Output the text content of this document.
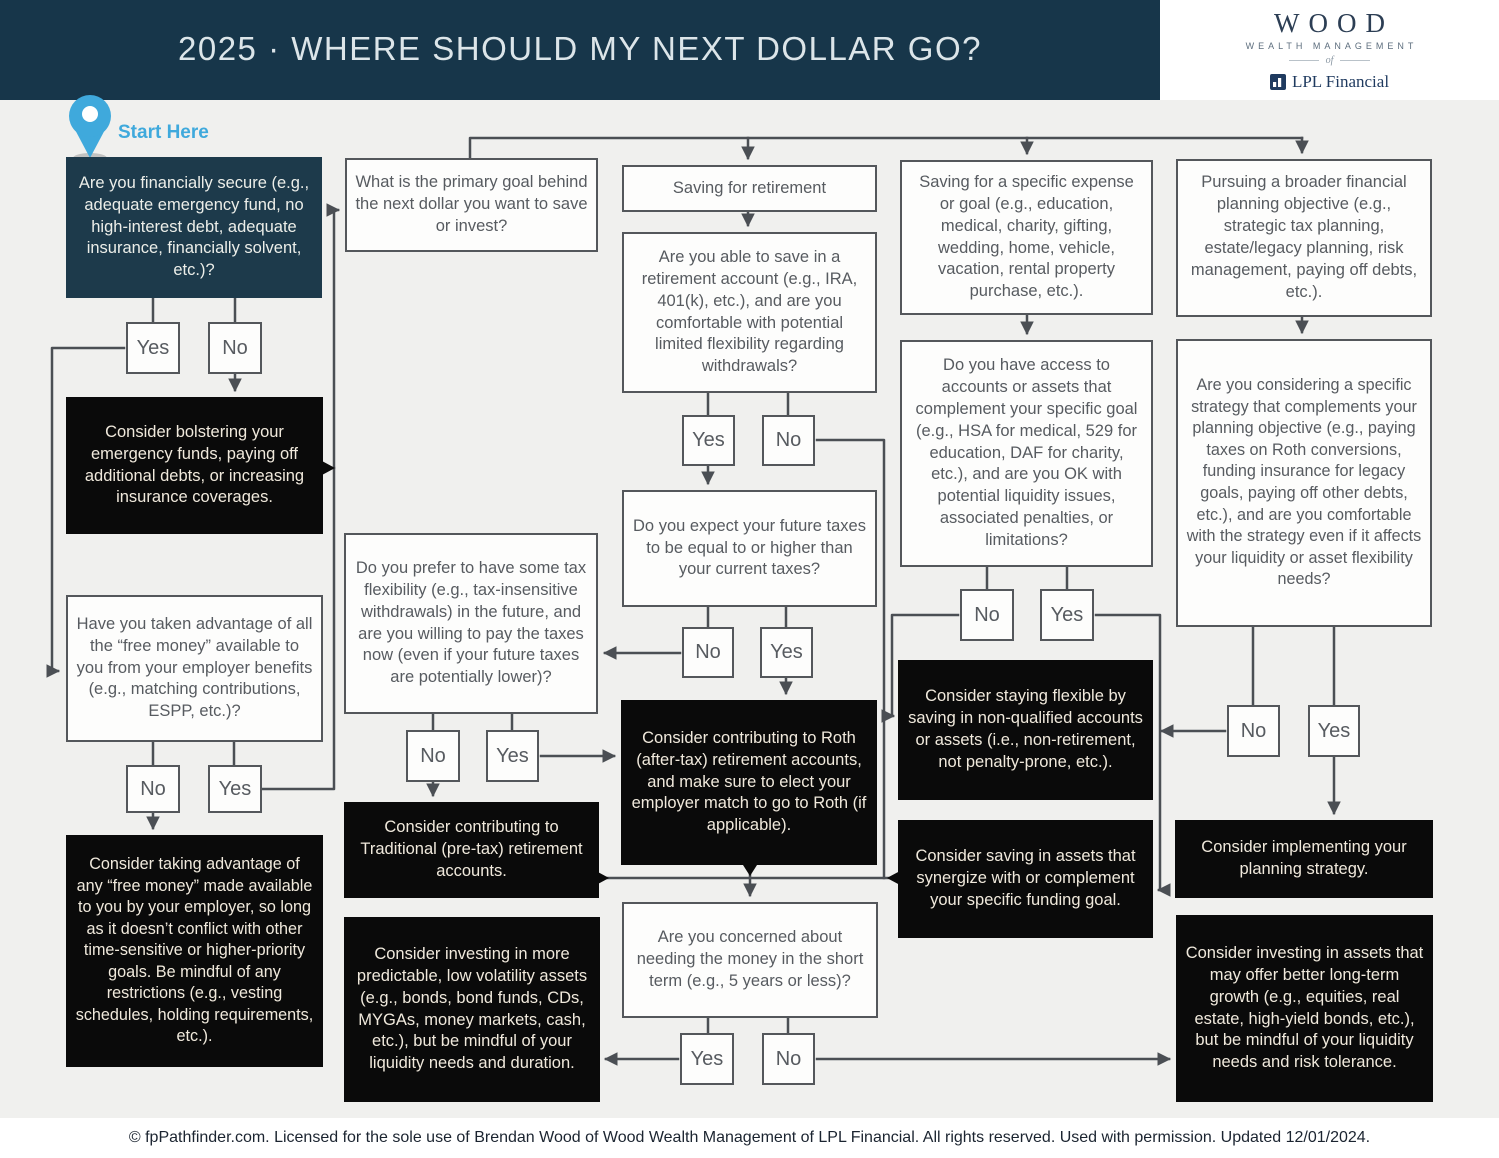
2025 · WHERE SHOULD MY NEXT DOLLAR GO?
WOOD
WEALTH MANAGEMENT
of
LPL Financial
Start Here
Are you financially secure (e.g., adequate emergency fund, no high-interest debt, adequate insurance, financially solvent, etc.)?
Yes	No
Consider bolstering your emergency funds, paying off additional debts, or increasing insurance coverages.
Have you taken advantage of all the “free money” available to you from your employer benefits (e.g., matching contributions, ESPP, etc.)?
No	Yes
Consider taking advantage of any “free money” made available to you by your employer, so long as it doesn’t conflict with other time-sensitive or higher-priority goals. Be mindful of any restrictions (e.g., vesting schedules, holding requirements, etc.).
What is the primary goal behind the next dollar you want to save or invest?
Do you prefer to have some tax flexibility (e.g., tax-insensitive withdrawals) in the future, and are you willing to pay the taxes now (even if your future taxes are potentially lower)?
No	Yes
Consider contributing to Traditional (pre-tax) retirement accounts.
Consider investing in more predictable, low volatility assets (e.g., bonds, bond funds, CDs, MYGAs, money markets, cash, etc.), but be mindful of your liquidity needs and duration.
Saving for retirement
Are you able to save in a retirement account (e.g., IRA, 401(k), etc.), and are you comfortable with potential limited flexibility regarding withdrawals?
Yes	No
Do you expect your future taxes to be equal to or higher than your current taxes?
No	Yes
Consider contributing to Roth (after-tax) retirement accounts, and make sure to elect your employer match to go to Roth (if applicable).
Are you concerned about needing the money in the short term (e.g., 5 years or less)?
Yes	No
Saving for a specific expense or goal (e.g., education, medical, charity, gifting, wedding, home, vehicle, vacation, rental property purchase, etc.).
Do you have access to accounts or assets that complement your specific goal (e.g., HSA for medical, 529 for education, DAF for charity, etc.), and are you OK with potential liquidity issues, associated penalties, or limitations?
No	Yes
Consider staying flexible by saving in non-qualified accounts or assets (i.e., non-retirement, not penalty-prone, etc.).
Consider saving in assets that synergize with or complement your specific funding goal.
Pursuing a broader financial planning objective (e.g., strategic tax planning, estate/legacy planning, risk management, paying off debts, etc.).
Are you considering a specific strategy that complements your planning objective (e.g., paying taxes on Roth conversions, funding insurance for legacy goals, paying off other debts, etc.), and are you comfortable with the strategy even if it affects your liquidity or asset flexibility needs?
No	Yes
Consider implementing your planning strategy.
Consider investing in assets that may offer better long-term growth (e.g., equities, real estate, high-yield bonds, etc.), but be mindful of your liquidity needs and risk tolerance.
© fpPathfinder.com. Licensed for the sole use of Brendan Wood of Wood Wealth Management of LPL Financial. All rights reserved. Used with permission. Updated 12/01/2024.
